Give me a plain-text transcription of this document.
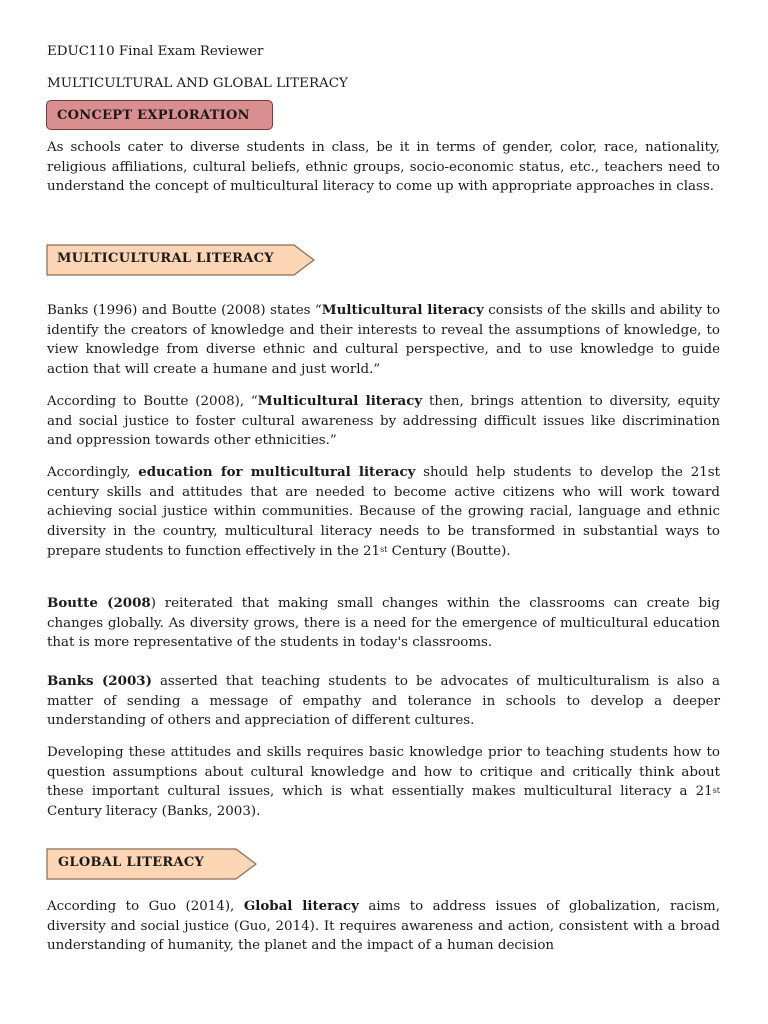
EDUC110 Final Exam Reviewer
MULTICULTURAL AND GLOBAL LITERACY
CONCEPT EXPLORATION

As schools cater to diverse students in class, be it in terms of gender, color, race, nationality, religious affiliations, cultural beliefs, ethnic groups, socio-economic status, etc., teachers need to understand the concept of multicultural literacy to come up with appropriate approaches in class.

MULTICULTURAL LITERACY

Banks (1996) and Boutte (2008) states “Multicultural literacy consists of the skills and ability to identify the creators of knowledge and their interests to reveal the assumptions of knowledge, to view knowledge from diverse ethnic and cultural perspective, and to use knowledge to guide action that will create a humane and just world.”

According to Boutte (2008), “Multicultural literacy then, brings attention to diversity, equity and social justice to foster cultural awareness by addressing difficult issues like discrimination and oppression towards other ethnicities.”

Accordingly, education for multicultural literacy should help students to develop the 21st century skills and attitudes that are needed to become active citizens who will work toward achieving social justice within communities. Because of the growing racial, language and ethnic diversity in the country, multicultural literacy needs to be transformed in substantial ways to prepare students to function effectively in the 21st Century (Boutte).

Boutte (2008) reiterated that making small changes within the classrooms can create big changes globally. As diversity grows, there is a need for the emergence of multicultural education that is more representative of the students in today's classrooms.

Banks (2003) asserted that teaching students to be advocates of multiculturalism is also a matter of sending a message of empathy and tolerance in schools to develop a deeper understanding of others and appreciation of different cultures.

Developing these attitudes and skills requires basic knowledge prior to teaching students how to question assumptions about cultural knowledge and how to critique and critically think about these important cultural issues, which is what essentially makes multicultural literacy a 21st Century literacy (Banks, 2003).

GLOBAL LITERACY

According to Guo (2014), Global literacy aims to address issues of globalization, racism, diversity and social justice (Guo, 2014). It requires awareness and action, consistent with a broad understanding of humanity, the planet and the impact of a human decision
